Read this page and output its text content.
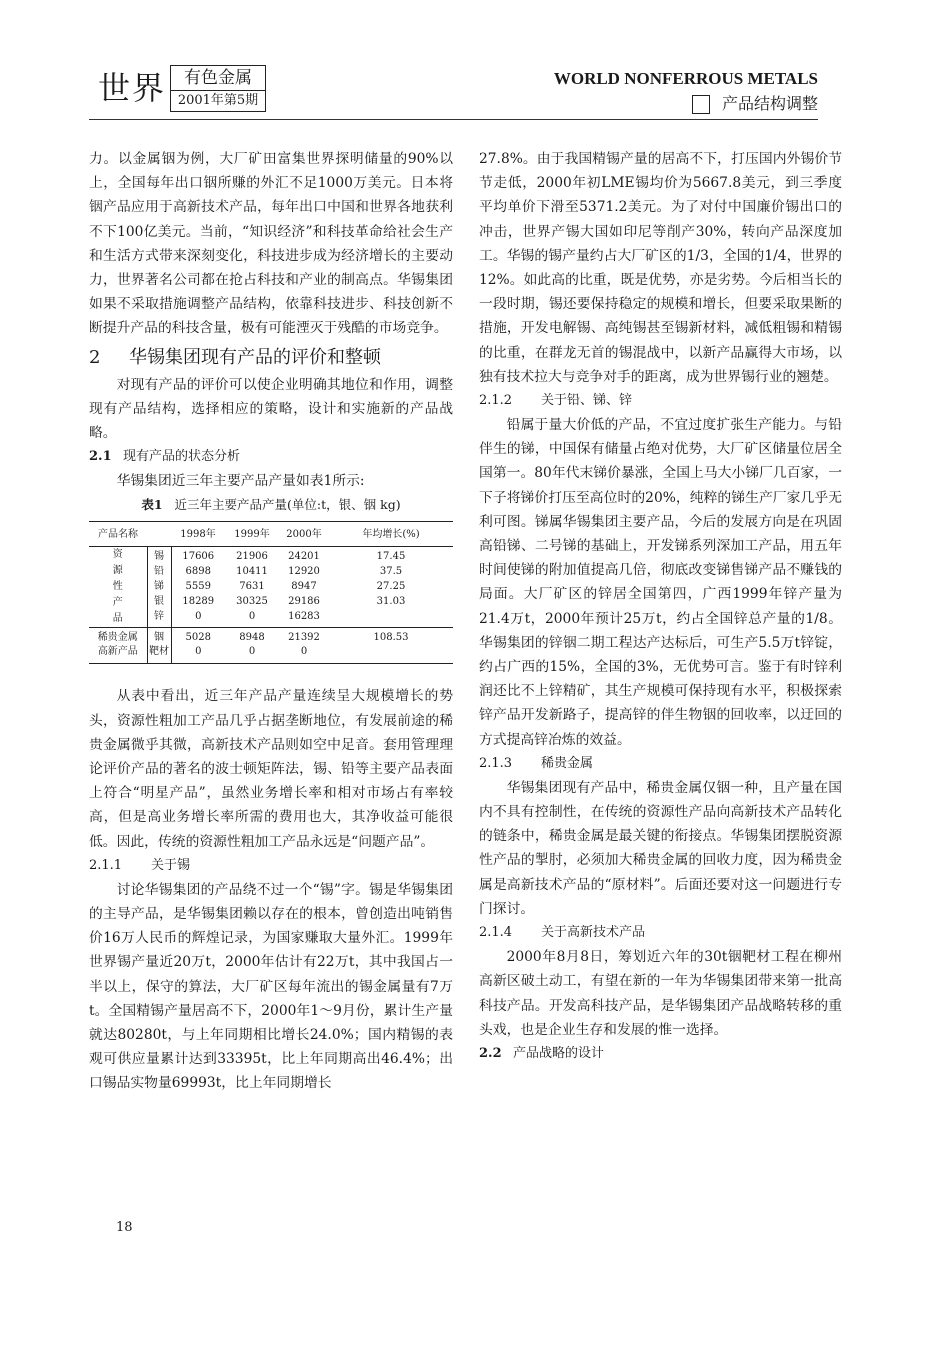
世界	有色金属
2001年第5期
WORLD NONFERROUS METALS
产品结构调整

力。以金属铟为例，大厂矿田富集世界探明储量的90%以上，全国每年出口铟所赚的外汇不足1000万美元。日本将铟产品应用于高新技术产品，每年出口中国和世界各地获利不下100亿美元。当前，“知识经济”和科技革命给社会生产和生活方式带来深刻变化，科技进步成为经济增长的主要动力，世界著名公司都在抢占科技和产业的制高点。华锡集团如果不采取措施调整产品结构，依靠科技进步、科技创新不断提升产品的科技含量，极有可能湮灭于残酷的市场竞争。

2 华锡集团现有产品的评价和整顿

对现有产品的评价可以使企业明确其地位和作用，调整现有产品结构，选择相应的策略，设计和实施新的产品战略。

2.1 现有产品的状态分析

华锡集团近三年主要产品产量如表1所示:

表1 近三年主要产品产量(单位:t，银、铟 kg)
产品名称		1998年	1999年	2000年	年均增长(%)

资
源
性
产
品	锡	17606	21906	24201	17.45
	铅	6898	10411	12920	37.5
	锑	5559	7631	8947	27.25
	银	18289	30325	29186	31.03
	锌	0	0	16283	
稀贵金属	铟	5028	8948	21392	108.53
高新产品	靶材	0	0	0	

从表中看出，近三年产品产量连续呈大规模增长的势头，资源性粗加工产品几乎占据垄断地位，有发展前途的稀贵金属微乎其微，高新技术产品则如空中足音。套用管理理论评价产品的著名的波士顿矩阵法，锡、铅等主要产品表面上符合“明星产品”，虽然业务增长率和相对市场占有率较高，但是高业务增长率所需的费用也大，其净收益可能很低。因此，传统的资源性粗加工产品永远是“问题产品”。

2.1.1 关于锡

讨论华锡集团的产品绕不过一个“锡”字。锡是华锡集团的主导产品，是华锡集团赖以存在的根本，曾创造出吨销售价16万人民币的辉煌记录，为国家赚取大量外汇。1999年世界锡产量近20万t，2000年估计有22万t，其中我国占一半以上，保守的算法，大厂矿区每年流出的锡金属量有7万t。全国精锡产量居高不下，2000年1～9月份，累计生产量就达80280t，与上年同期相比增长24.0%；国内精锡的表观可供应量累计达到33395t，比上年同期高出46.4%；出口锡品实物量69993t，比上年同期增长

27.8%。由于我国精锡产量的居高不下，打压国内外锡价节节走低，2000年初LME锡均价为5667.8美元，到三季度平均单价下滑至5371.2美元。为了对付中国廉价锡出口的冲击，世界产锡大国如印尼等削产30%，转向产品深度加工。华锡的锡产量约占大厂矿区的1/3，全国的1/4，世界的12%。如此高的比重，既是优势，亦是劣势。今后相当长的一段时期，锡还要保持稳定的规模和增长，但要采取果断的措施，开发电解锡、高纯锡甚至锡新材料，减低粗锡和精锡的比重，在群龙无首的锡混战中，以新产品赢得大市场，以独有技术拉大与竞争对手的距离，成为世界锡行业的翘楚。

2.1.2 关于铅、锑、锌

铅属于量大价低的产品，不宜过度扩张生产能力。与铅伴生的锑，中国保有储量占绝对优势，大厂矿区储量位居全国第一。80年代末锑价暴涨，全国上马大小锑厂几百家，一下子将锑价打压至高位时的20%，纯粹的锑生产厂家几乎无利可图。锑属华锡集团主要产品，今后的发展方向是在巩固高铅锑、二号锑的基础上，开发锑系列深加工产品，用五年时间使锑的附加值提高几倍，彻底改变锑售锑产品不赚钱的局面。大厂矿区的锌居全国第四，广西1999年锌产量为21.4万t，2000年预计25万t，约占全国锌总产量的1/8。华锡集团的锌铟二期工程达产达标后，可生产5.5万t锌锭，约占广西的15%，全国的3%，无优势可言。鉴于有时锌利润还比不上锌精矿，其生产规模可保持现有水平，积极探索锌产品开发新路子，提高锌的伴生物铟的回收率，以迂回的方式提高锌冶炼的效益。

2.1.3 稀贵金属

华锡集团现有产品中，稀贵金属仅铟一种，且产量在国内不具有控制性，在传统的资源性产品向高新技术产品转化的链条中，稀贵金属是最关键的衔接点。华锡集团摆脱资源性产品的掣肘，必须加大稀贵金属的回收力度，因为稀贵金属是高新技术产品的“原材料”。后面还要对这一问题进行专门探讨。

2.1.4 关于高新技术产品

2000年8月8日，筹划近六年的30t铟靶材工程在柳州高新区破土动工，有望在新的一年为华锡集团带来第一批高科技产品。开发高科技产品，是华锡集团产品战略转移的重头戏，也是企业生存和发展的惟一选择。

2.2 产品战略的设计
18
